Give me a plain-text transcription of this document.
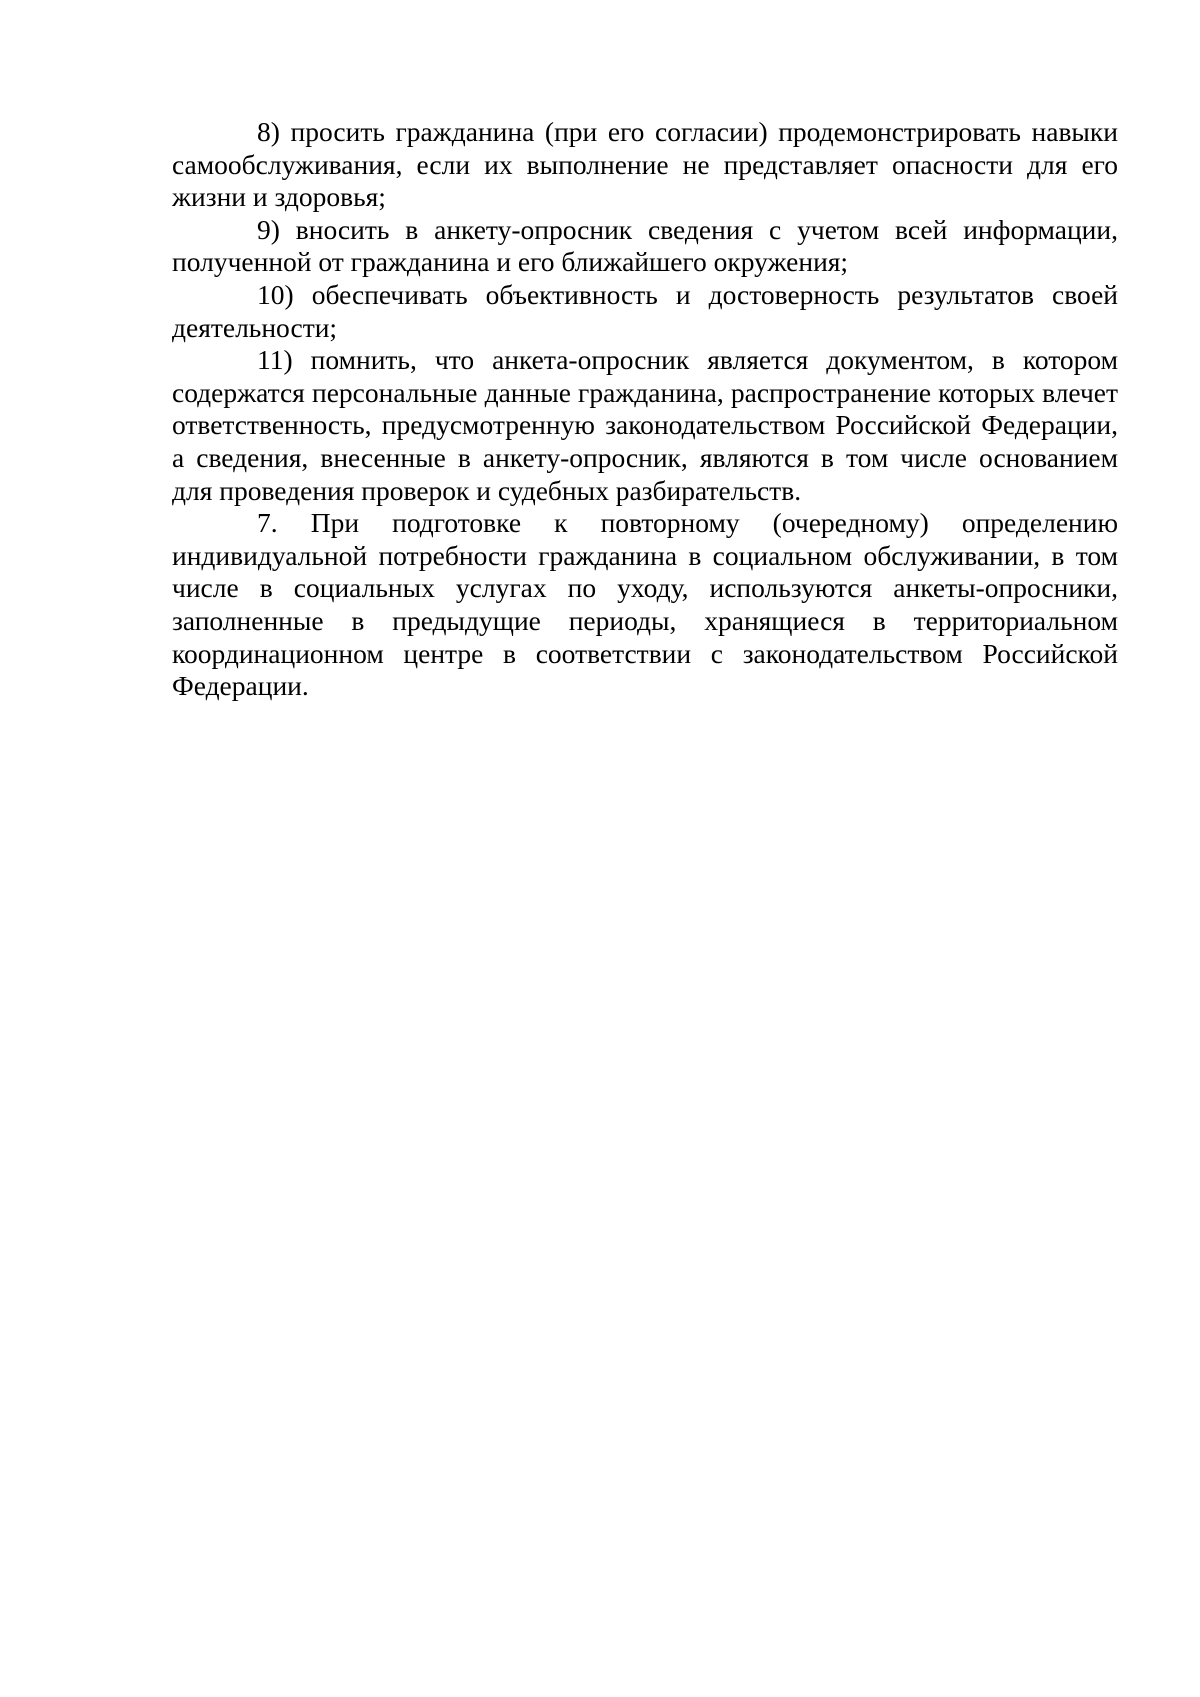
8) просить гражданина (при его согласии) продемонстрировать навыки самообслуживания, если их выполнение не представляет опасности для его жизни и здоровья;

9) вносить в анкету-опросник сведения с учетом всей информации, полученной от гражданина и его ближайшего окружения;

10) обеспечивать объективность и достоверность результатов своей деятельности;

11) помнить, что анкета-опросник является документом, в котором содержатся персональные данные гражданина, распространение которых влечет ответственность, предусмотренную законодательством Российской Федерации, а сведения, внесенные в анкету-опросник, являются в том числе основанием для проведения проверок и судебных разбирательств.

7. При подготовке к повторному (очередному) определению индивидуальной потребности гражданина в социальном обслуживании, в том числе в социальных услугах по уходу, используются анкеты-опросники, заполненные в предыдущие периоды, хранящиеся в территориальном координационном центре в соответствии с законодательством Российской Федерации.
